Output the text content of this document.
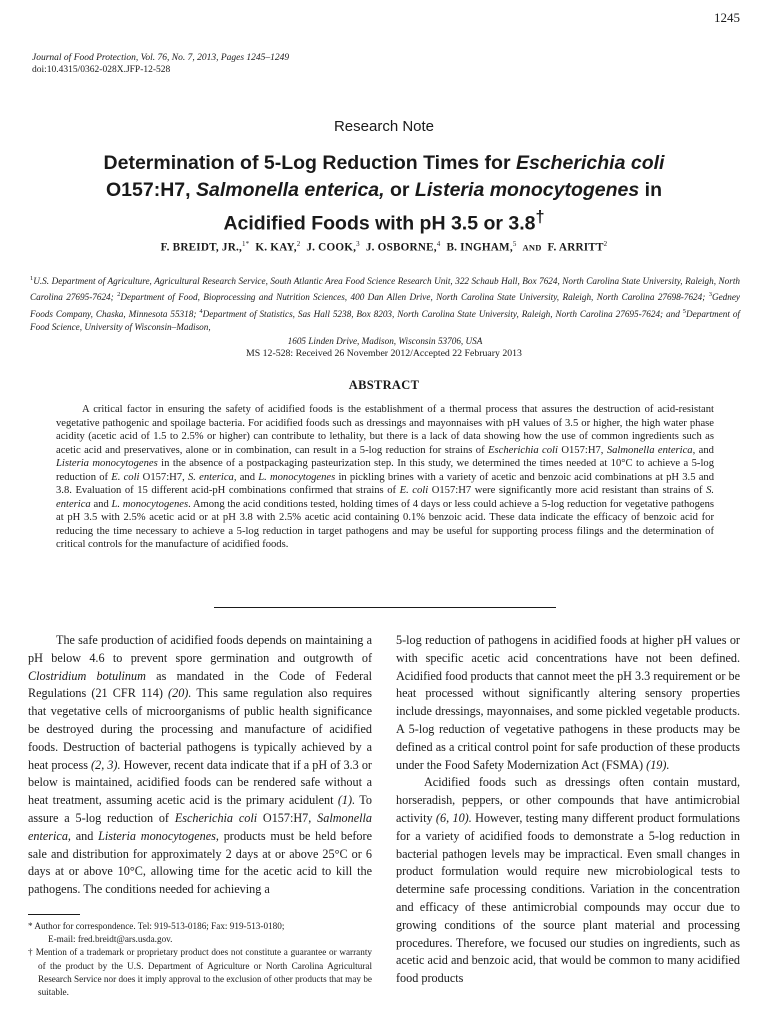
1245
Journal of Food Protection, Vol. 76, No. 7, 2013, Pages 1245–1249
doi:10.4315/0362-028X.JFP-12-528
Research Note
Determination of 5-Log Reduction Times for Escherichia coli
O157:H7, Salmonella enterica, or Listeria monocytogenes in
Acidified Foods with pH 3.5 or 3.8†
F. BREIDT, JR.,$^{1*}$ K. KAY,$^2$ J. COOK,$^3$ J. OSBORNE,$^4$ B. INGHAM,$^5$ AND F. ARRITT$^2$
$^1$U.S. Department of Agriculture, Agricultural Research Service, South Atlantic Area Food Science Research Unit, 322 Schaub Hall, Box 7624, North Carolina State University, Raleigh, North Carolina 27695-7624; $^2$Department of Food, Bioprocessing and Nutrition Sciences, 400 Dan Allen Drive, North Carolina State University, Raleigh, North Carolina 27698-7624; $^3$Gedney Foods Company, Chaska, Minnesota 55318; $^4$Department of Statistics, Sas Hall 5238, Box 8203, North Carolina State University, Raleigh, North Carolina 27695-7624; and $^5$Department of Food Science, University of Wisconsin–Madison,
1605 Linden Drive, Madison, Wisconsin 53706, USA
MS 12-528: Received 26 November 2012/Accepted 22 February 2013
ABSTRACT
A critical factor in ensuring the safety of acidified foods is the establishment of a thermal process that assures the destruction of acid-resistant vegetative pathogenic and spoilage bacteria. For acidified foods such as dressings and mayonnaises with pH values of 3.5 or higher, the high water phase acidity (acetic acid of 1.5 to 2.5% or higher) can contribute to lethality, but there is a lack of data showing how the use of common ingredients such as acetic acid and preservatives, alone or in combination, can result in a 5-log reduction for strains of Escherichia coli O157:H7, Salmonella enterica, and Listeria monocytogenes in the absence of a postpackaging pasteurization step. In this study, we determined the times needed at 10°C to achieve a 5-log reduction of E. coli O157:H7, S. enterica, and L. monocytogenes in pickling brines with a variety of acetic and benzoic acid combinations at pH 3.5 and 3.8. Evaluation of 15 different acid-pH combinations confirmed that strains of E. coli O157:H7 were significantly more acid resistant than strains of S. enterica and L. monocytogenes. Among the acid conditions tested, holding times of 4 days or less could achieve a 5-log reduction for vegetative pathogens at pH 3.5 with 2.5% acetic acid or at pH 3.8 with 2.5% acetic acid containing 0.1% benzoic acid. These data indicate the efficacy of benzoic acid for reducing the time necessary to achieve a 5-log reduction in target pathogens and may be useful for supporting process filings and the determination of critical controls for the manufacture of acidified foods.

The safe production of acidified foods depends on maintaining a pH below 4.6 to prevent spore germination and outgrowth of Clostridium botulinum as mandated in the Code of Federal Regulations (21 CFR 114) (20). This same regulation also requires that vegetative cells of microorganisms of public health significance be destroyed during the processing and manufacture of acidified foods. Destruction of bacterial pathogens is typically achieved by a heat process (2, 3). However, recent data indicate that if a pH of 3.3 or below is maintained, acidified foods can be rendered safe without a heat treatment, assuming acetic acid is the primary acidulent (1). To assure a 5-log reduction of Escherichia coli O157:H7, Salmonella enterica, and Listeria monocytogenes, products must be held before sale and distribution for approximately 2 days at or above 25°C or 6 days at or above 10°C, allowing time for the acetic acid to kill the pathogens. The conditions needed for achieving a

5-log reduction of pathogens in acidified foods at higher pH values or with specific acetic acid concentrations have not been defined. Acidified food products that cannot meet the pH 3.3 requirement or be heat processed without significantly altering sensory properties include dressings, mayonnaises, and some pickled vegetable products. A 5-log reduction of vegetative pathogens in these products may be defined as a critical control point for safe production of these products under the Food Safety Modernization Act (FSMA) (19).

Acidified foods such as dressings often contain mustard, horseradish, peppers, or other compounds that have antimicrobial activity (6, 10). However, testing many different product formulations for a variety of acidified foods to demonstrate a 5-log reduction in bacterial pathogen levels may be impractical. Even small changes in product formulation would require new microbiological tests to determine safe processing conditions. Variation in the concentration and efficacy of these antimicrobial compounds may occur due to growing conditions of the source plant material and processing procedures. Therefore, we focused our studies on ingredients, such as acetic acid and benzoic acid, that would be common to many acidified food products

* Author for correspondence. Tel: 919-513-0186; Fax: 919-513-0180;
E-mail: fred.breidt@ars.usda.gov.

† Mention of a trademark or proprietary product does not constitute a guarantee or warranty of the product by the U.S. Department of Agriculture or North Carolina Agricultural Research Service nor does it imply approval to the exclusion of other products that may be suitable.
